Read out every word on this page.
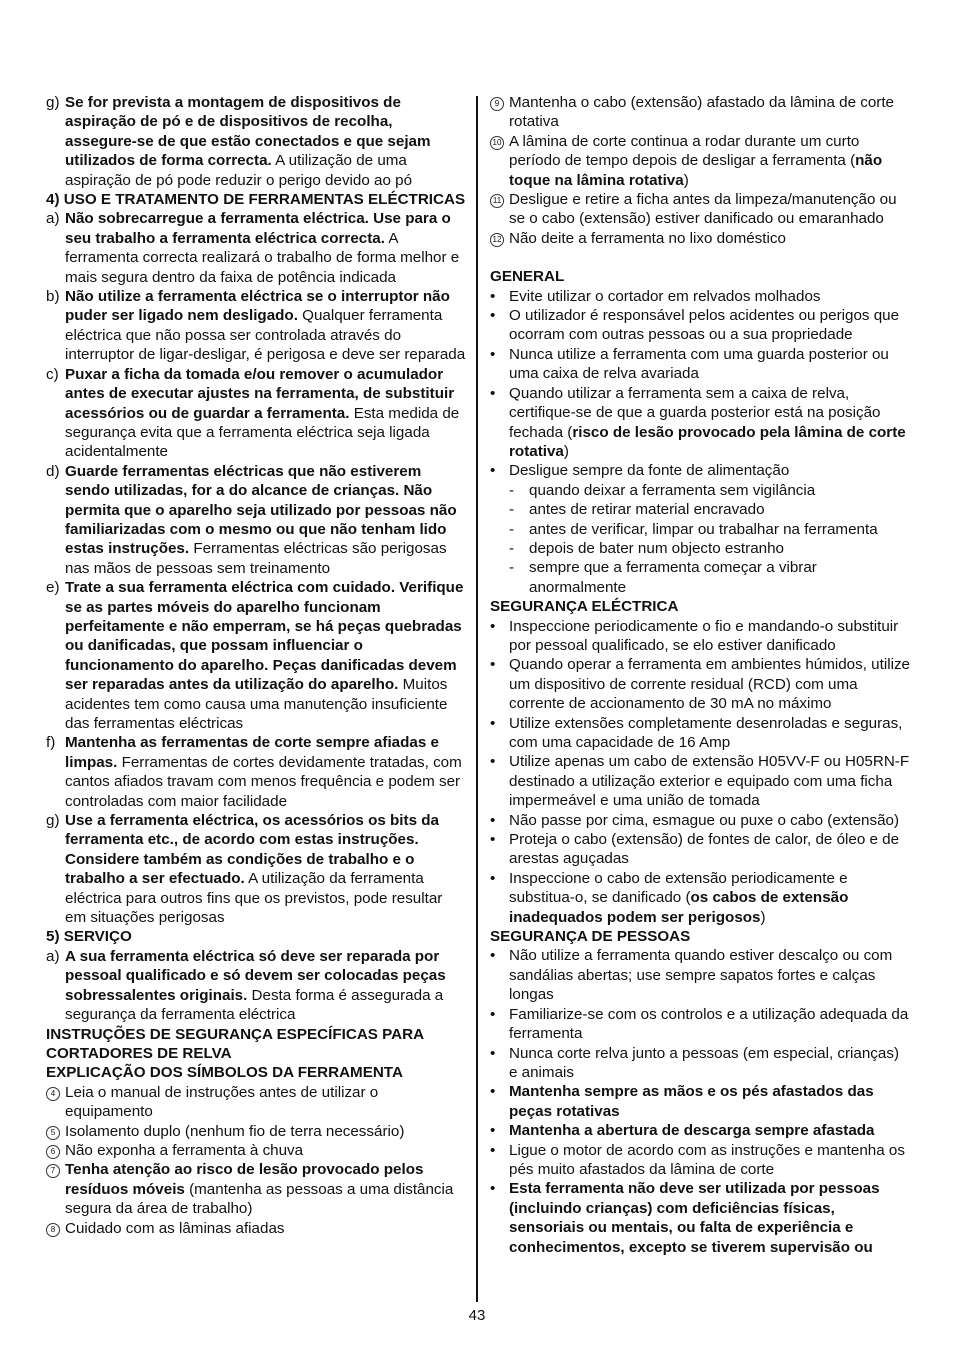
g) Se for prevista a montagem de dispositivos de aspiração de pó e de dispositivos de recolha, assegure-se de que estão conectados e que sejam utilizados de forma correcta. A utilização de uma aspiração de pó pode reduzir o perigo devido ao pó
4) USO E TRATAMENTO DE FERRAMENTAS ELÉCTRICAS
a) Não sobrecarregue a ferramenta eléctrica. Use para o seu trabalho a ferramenta eléctrica correcta. A ferramenta correcta realizará o trabalho de forma melhor e mais segura dentro da faixa de potência indicada
b) Não utilize a ferramenta eléctrica se o interruptor não puder ser ligado nem desligado. Qualquer ferramenta eléctrica que não possa ser controlada através do interruptor de ligar-desligar, é perigosa e deve ser reparada
c) Puxar a ficha da tomada e/ou remover o acumulador antes de executar ajustes na ferramenta, de substituir acessórios ou de guardar a ferramenta. Esta medida de segurança evita que a ferramenta eléctrica seja ligada acidentalmente
d) Guarde ferramentas eléctricas que não estiverem sendo utilizadas, for a do alcance de crianças. Não permita que o aparelho seja utilizado por pessoas não familiarizadas com o mesmo ou que não tenham lido estas instruções. Ferramentas eléctricas são perigosas nas mãos de pessoas sem treinamento
e) Trate a sua ferramenta eléctrica com cuidado. Verifique se as partes móveis do aparelho funcionam perfeitamente e não emperram, se há peças quebradas ou danificadas, que possam influenciar o funcionamento do aparelho. Peças danificadas devem ser reparadas antes da utilização do aparelho. Muitos acidentes tem como causa uma manutenção insuficiente das ferramentas eléctricas
f) Mantenha as ferramentas de corte sempre afiadas e limpas. Ferramentas de cortes devidamente tratadas, com cantos afiados travam com menos frequência e podem ser controladas com maior facilidade
g) Use a ferramenta eléctrica, os acessórios os bits da ferramenta etc., de acordo com estas instruções. Considere também as condições de trabalho e o trabalho a ser efectuado. A utilização da ferramenta eléctrica para outros fins que os previstos, pode resultar em situações perigosas
5) SERVIÇO
a) A sua ferramenta eléctrica só deve ser reparada por pessoal qualificado e só devem ser colocadas peças sobressalentes originais. Desta forma é assegurada a segurança da ferramenta eléctrica
INSTRUÇÕES DE SEGURANÇA ESPECÍFICAS PARA CORTADORES DE RELVA
EXPLICAÇÃO DOS SÍMBOLOS DA FERRAMENTA
4 Leia o manual de instruções antes de utilizar o equipamento
5 Isolamento duplo (nenhum fio de terra necessário)
6 Não exponha a ferramenta à chuva
7 Tenha atenção ao risco de lesão provocado pelos resíduos móveis (mantenha as pessoas a uma distância segura da área de trabalho)
8 Cuidado com as lâminas afiadas
9 Mantenha o cabo (extensão) afastado da lâmina de corte rotativa
10 A lâmina de corte continua a rodar durante um curto período de tempo depois de desligar a ferramenta (não toque na lâmina rotativa)
11 Desligue e retire a ficha antes da limpeza/manutenção ou se o cabo (extensão) estiver danificado ou emaranhado
12 Não deite a ferramenta no lixo doméstico
GENERAL
• Evite utilizar o cortador em relvados molhados
• O utilizador é responsável pelos acidentes ou perigos que ocorram com outras pessoas ou a sua propriedade
• Nunca utilize a ferramenta com uma guarda posterior ou uma caixa de relva avariada
• Quando utilizar a ferramenta sem a caixa de relva, certifique-se de que a guarda posterior está na posição fechada (risco de lesão provocado pela lâmina de corte rotativa)
• Desligue sempre da fonte de alimentação
- quando deixar a ferramenta sem vigilância
- antes de retirar material encravado
- antes de verificar, limpar ou trabalhar na ferramenta
- depois de bater num objecto estranho
- sempre que a ferramenta começar a vibrar anormalmente
SEGURANÇA ELÉCTRICA
• Inspeccione periodicamente o fio e mandando-o substituir por pessoal qualificado, se elo estiver danificado
• Quando operar a ferramenta em ambientes húmidos, utilize um dispositivo de corrente residual (RCD) com uma corrente de accionamento de 30 mA no máximo
• Utilize extensões completamente desenroladas e seguras, com uma capacidade de 16 Amp
• Utilize apenas um cabo de extensão H05VV-F ou H05RN-F destinado a utilização exterior e equipado com uma ficha impermeável e uma união de tomada
• Não passe por cima, esmague ou puxe o cabo (extensão)
• Proteja o cabo (extensão) de fontes de calor, de óleo e de arestas aguçadas
• Inspeccione o cabo de extensão periodicamente e substitua-o, se danificado (os cabos de extensão inadequados podem ser perigosos)
SEGURANÇA DE PESSOAS
• Não utilize a ferramenta quando estiver descalço ou com sandálias abertas; use sempre sapatos fortes e calças longas
• Familiarize-se com os controlos e a utilização adequada da ferramenta
• Nunca corte relva junto a pessoas (em especial, crianças) e animais
• Mantenha sempre as mãos e os pés afastados das peças rotativas
• Mantenha a abertura de descarga sempre afastada
• Ligue o motor de acordo com as instruções e mantenha os pés muito afastados da lâmina de corte
• Esta ferramenta não deve ser utilizada por pessoas (incluindo crianças) com deficiências físicas, sensoriais ou mentais, ou falta de experiência e conhecimentos, excepto se tiverem supervisão ou
43
